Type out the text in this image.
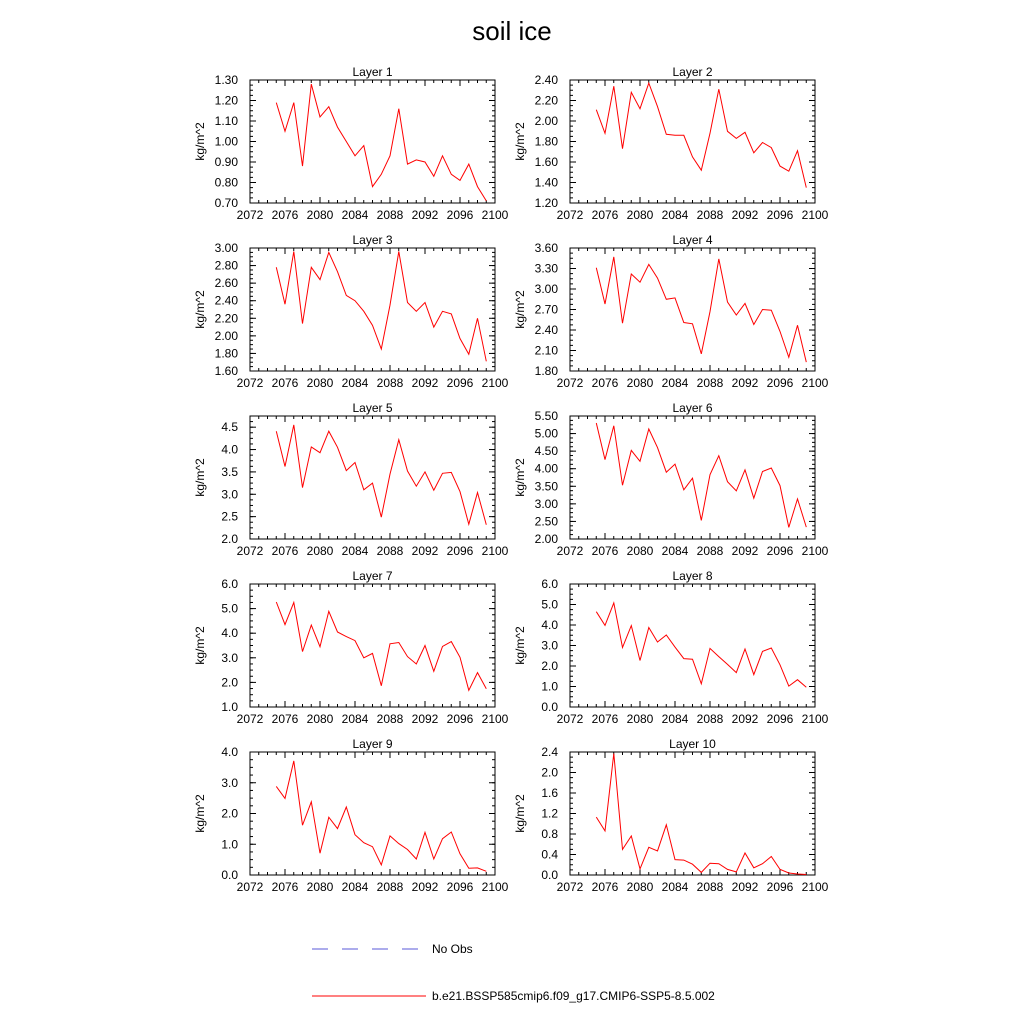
soil ice
Layer 1
kg/m^2
2072 2076 2080 2084 2088 2092 2096 2100
0.70
0.80
0.90
1.00
1.10
1.20
1.30
Layer 2
kg/m^2
2072 2076 2080 2084 2088 2092 2096 2100
1.20
1.40
1.60
1.80
2.00
2.20
2.40
Layer 3
kg/m^2
2072 2076 2080 2084 2088 2092 2096 2100
1.60
1.80
2.00
2.20
2.40
2.60
2.80
3.00
Layer 4
kg/m^2
2072 2076 2080 2084 2088 2092 2096 2100
1.80
2.10
2.40
2.70
3.00
3.30
3.60
Layer 5
kg/m^2
2072 2076 2080 2084 2088 2092 2096 2100
2.0
2.5
3.0
3.5
4.0
4.5
Layer 6
kg/m^2
2072 2076 2080 2084 2088 2092 2096 2100
2.00
2.50
3.00
3.50
4.00
4.50
5.00
5.50
Layer 7
kg/m^2
2072 2076 2080 2084 2088 2092 2096 2100
1.0
2.0
3.0
4.0
5.0
6.0
Layer 8
kg/m^2
2072 2076 2080 2084 2088 2092 2096 2100
0.0
1.0
2.0
3.0
4.0
5.0
6.0
Layer 9
kg/m^2
2072 2076 2080 2084 2088 2092 2096 2100
0.0
1.0
2.0
3.0
4.0
Layer 10
kg/m^2
2072 2076 2080 2084 2088 2092 2096 2100
0.0
0.4
0.8
1.2
1.6
2.0
2.4
No Obs
b.e21.BSSP585cmip6.f09_g17.CMIP6-SSP5-8.5.002
